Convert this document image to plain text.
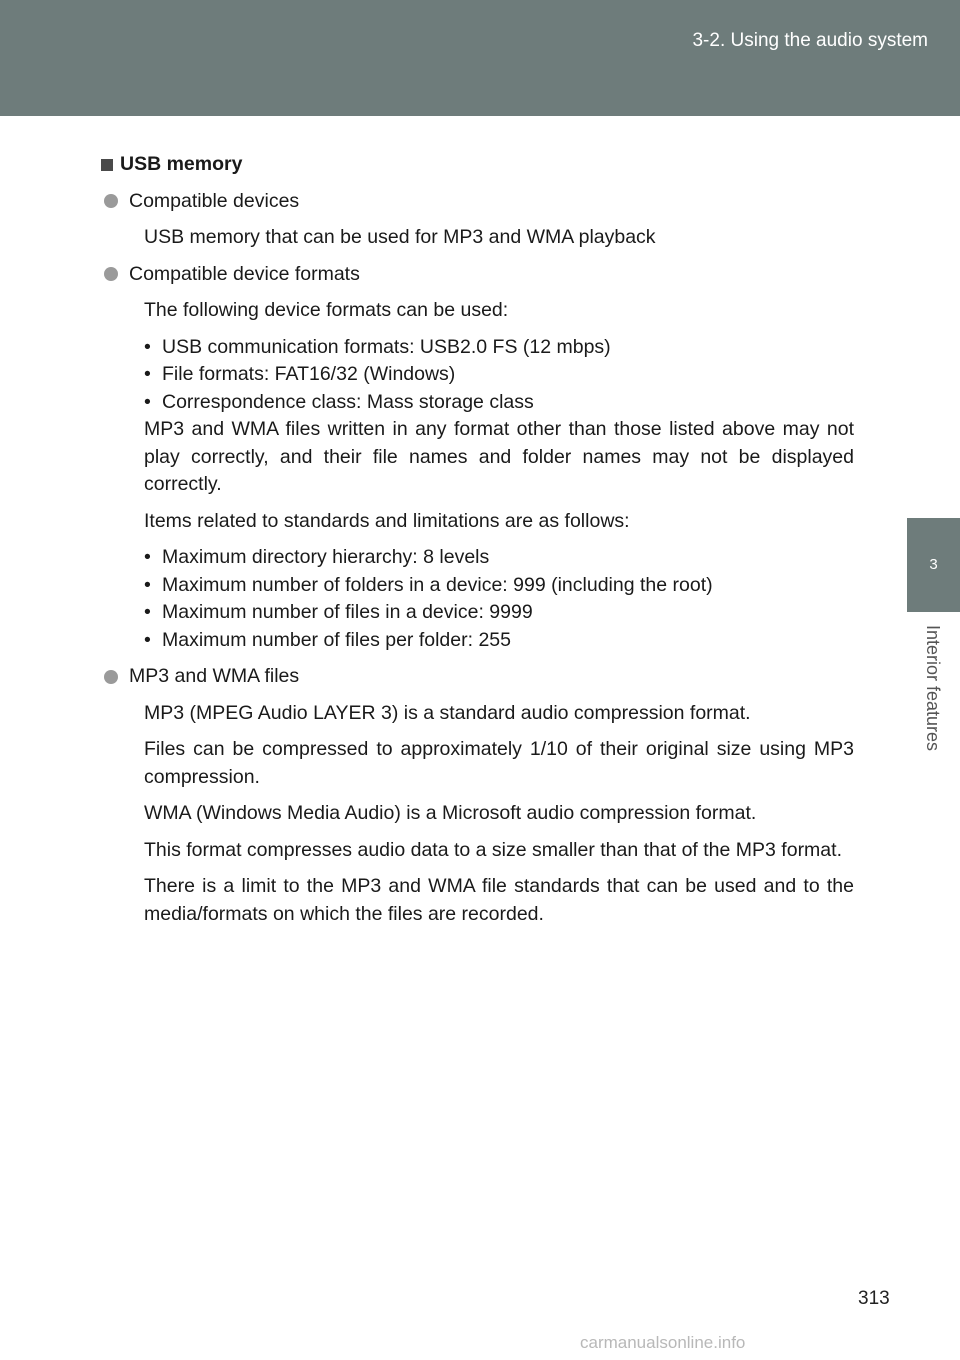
3-2. Using the audio system
3
Interior features
USB memory
Compatible devices
USB memory that can be used for MP3 and WMA playback
Compatible device formats
The following device formats can be used:
• USB communication formats: USB2.0 FS (12 mbps)
• File formats: FAT16/32 (Windows)
• Correspondence class: Mass storage class
MP3 and WMA files written in any format other than those listed above may not play correctly, and their file names and folder names may not be displayed correctly.
Items related to standards and limitations are as follows:
• Maximum directory hierarchy: 8 levels
• Maximum number of folders in a device: 999 (including the root)
• Maximum number of files in a device: 9999
• Maximum number of files per folder: 255
MP3 and WMA files
MP3 (MPEG Audio LAYER 3) is a standard audio compression format.
Files can be compressed to approximately 1/10 of their original size using MP3 compression.
WMA (Windows Media Audio) is a Microsoft audio compression format.
This format compresses audio data to a size smaller than that of the MP3 format.
There is a limit to the MP3 and WMA file standards that can be used and to the media/formats on which the files are recorded.
313
carmanualsonline.info
